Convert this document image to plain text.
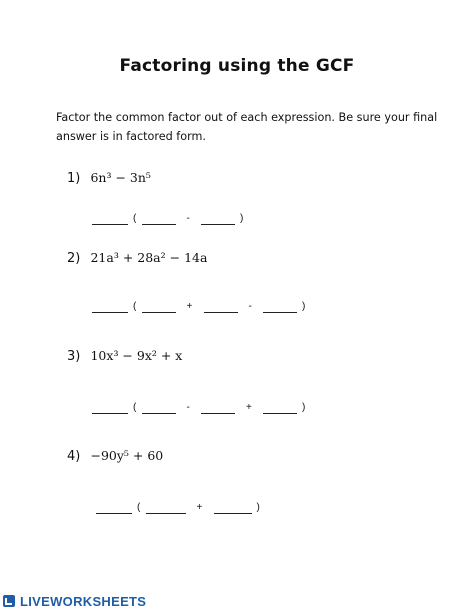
Factoring using the GCF
Factor the common factor out of each expression. Be sure your final
answer is in factored form.
1) 6n³ − 3n⁵
(	-	)
2) 21a³ + 28a² − 14a
(	+	-	)
3) 10x³ − 9x² + x
(	-	+	)
4) −90y⁵ + 60
(	+	)
LIVEWORKSHEETS
